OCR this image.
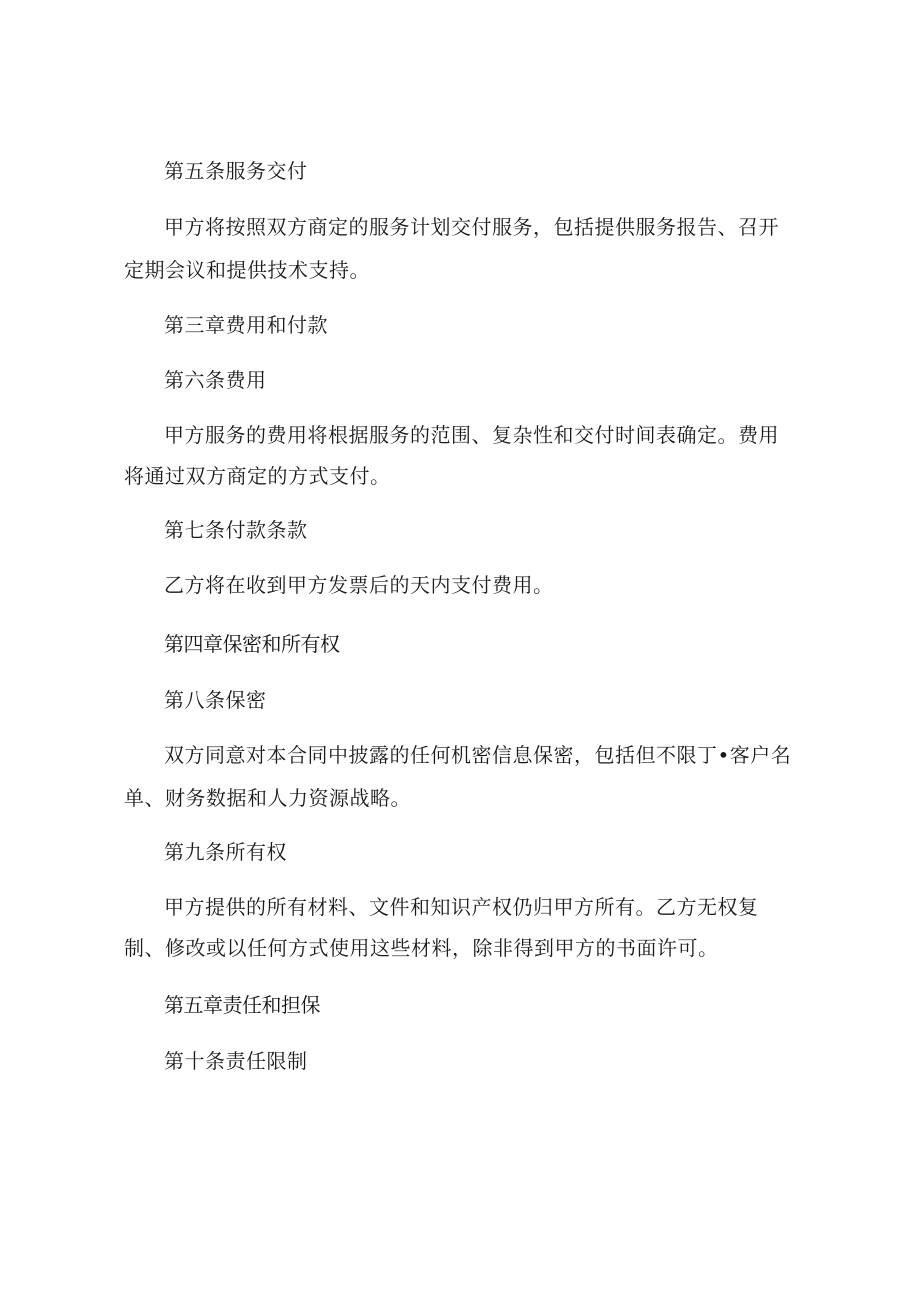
第五条服务交付
甲方将按照双方商定的服务计划交付服务，包括提供服务报告、召开
定期会议和提供技术支持。
第三章费用和付款
第六条费用
甲方服务的费用将根据服务的范围、复杂性和交付时间表确定。费用
将通过双方商定的方式支付。
第七条付款条款
乙方将在收到甲方发票后的天内支付费用。
第四章保密和所有权
第八条保密
双方同意对本合同中披露的任何机密信息保密，包括但不限丁•客户名
单、财务数据和人力资源战略。
第九条所有权
甲方提供的所有材料、文件和知识产权仍归甲方所有。乙方无权复
制、修改或以任何方式使用这些材料，除非得到甲方的书面许可。
第五章责任和担保
第十条责任限制
